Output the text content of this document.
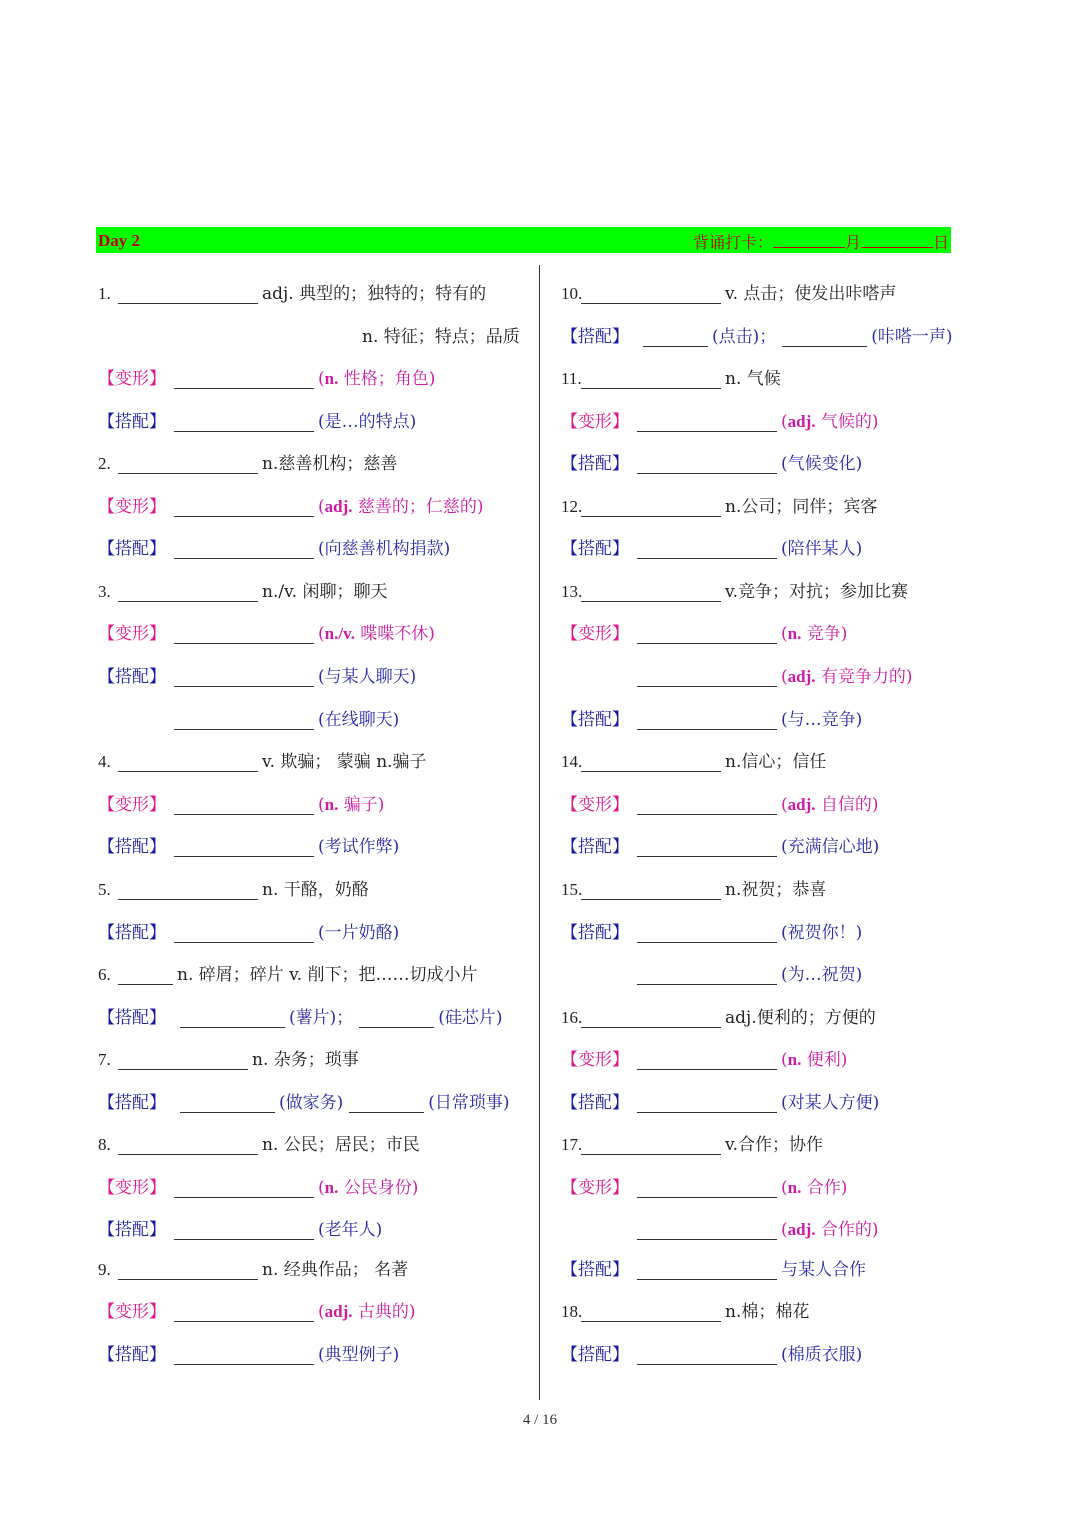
Day 2	背诵打卡：	月	日
1.	adj. 典型的；独特的；特有的
n. 特征；特点；品质
【变形】	(n. 性格；角色)
【搭配】	(是…的特点)
2.	n.慈善机构；慈善
【变形】	(adj. 慈善的；仁慈的)
【搭配】	(向慈善机构捐款)
3.	n./v. 闲聊；聊天
【变形】	(n./v. 喋喋不休)
【搭配】	(与某人聊天)
(在线聊天)
4.	v. 欺骗； 蒙骗 n.骗子
【变形】	(n. 骗子)
【搭配】	(考试作弊)
5.	n. 干酪，奶酪
【搭配】	(一片奶酪)
6.	n. 碎屑；碎片 v. 削下；把……切成小片
【搭配】	(薯片)；	(硅芯片)
7.	n. 杂务；琐事
【搭配】	(做家务)	(日常琐事)
8.	n. 公民；居民；市民
【变形】	(n. 公民身份)
【搭配】	(老年人)
9.	n. 经典作品； 名著
【变形】	(adj. 古典的)
【搭配】	(典型例子)
10.	v. 点击；使发出咔嗒声
【搭配】	(点击)；	(咔嗒一声)
11.	n. 气候
【变形】	(adj. 气候的)
【搭配】	(气候变化)
12.	n.公司；同伴；宾客
【搭配】	(陪伴某人)
13.	v.竞争；对抗；参加比赛
【变形】	(n. 竞争)
(adj. 有竞争力的)
【搭配】	(与…竞争)
14.	n.信心；信任
【变形】	(adj. 自信的)
【搭配】	(充满信心地)
15.	n.祝贺；恭喜
【搭配】	(祝贺你！)
(为…祝贺)
16.	adj.便利的；方便的
【变形】	(n. 便利)
【搭配】	(对某人方便)
17.	v.合作；协作
【变形】	(n. 合作)
(adj. 合作的)
【搭配】	与某人合作
18.	n.棉；棉花
【搭配】	(棉质衣服)
4 / 16
